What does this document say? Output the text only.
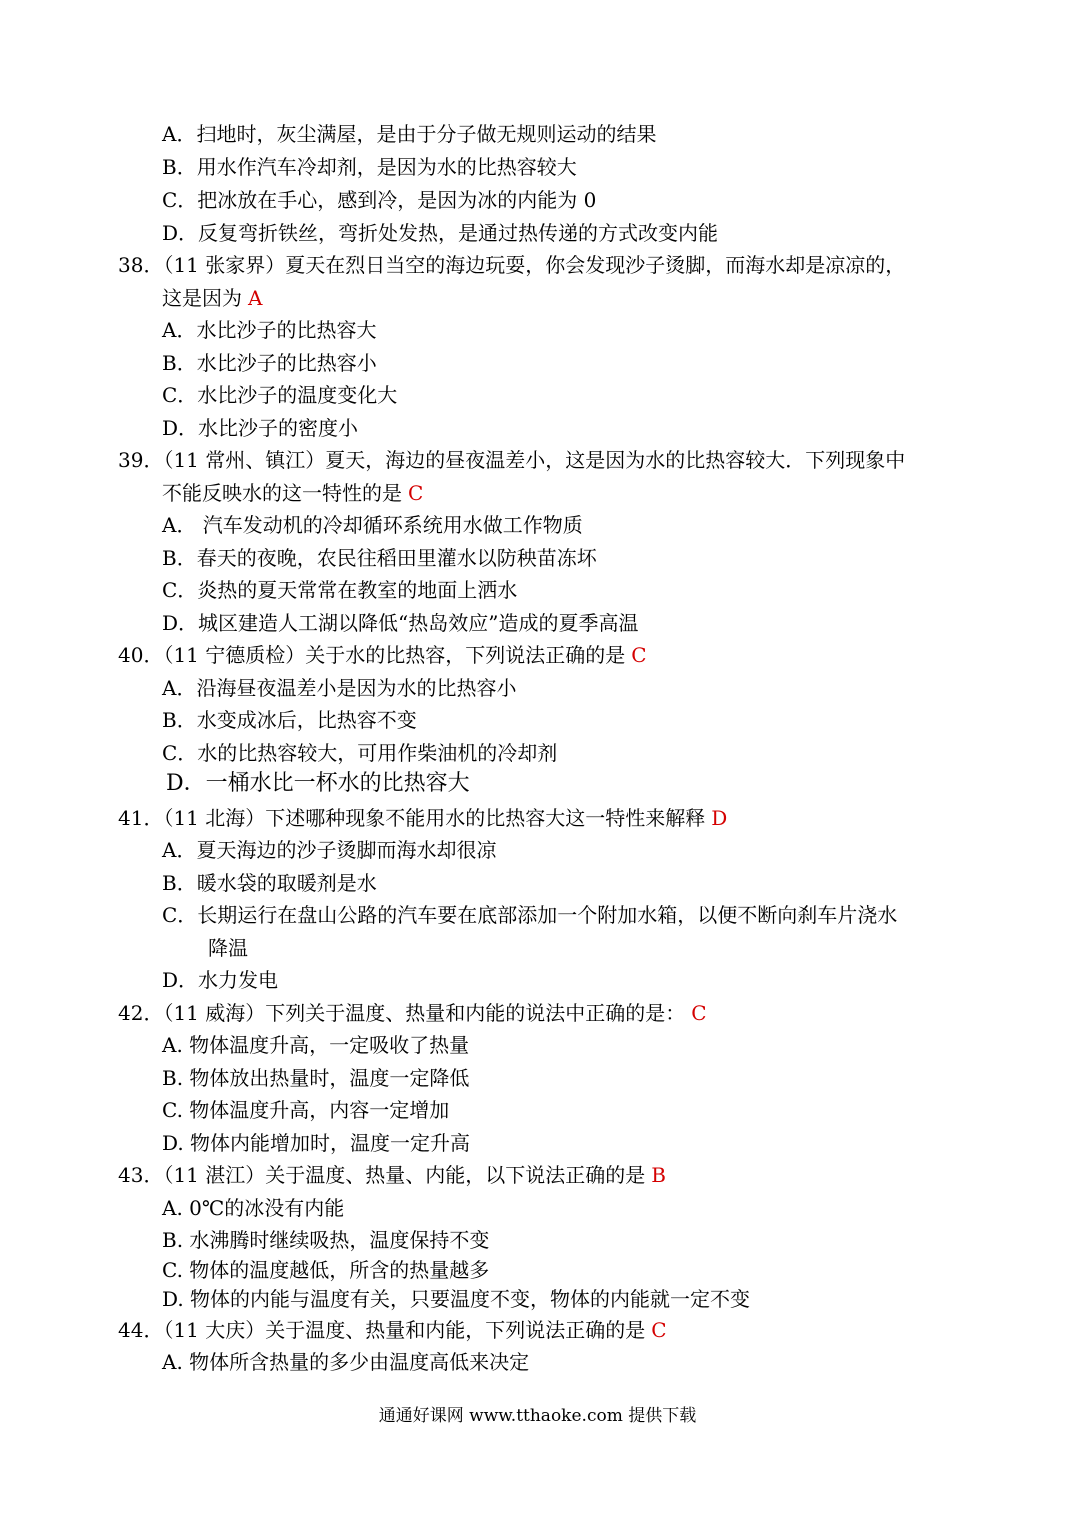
A．扫地时，灰尘满屋，是由于分子做无规则运动的结果
B．用水作汽车冷却剂，是因为水的比热容较大
C．把冰放在手心，感到冷，是因为冰的内能为 0
D．反复弯折铁丝，弯折处发热，是通过热传递的方式改变内能
38．（11 张家界）夏天在烈日当空的海边玩耍，你会发现沙子烫脚，而海水却是凉凉的，
这是因为 A
A．水比沙子的比热容大
B．水比沙子的比热容小
C．水比沙子的温度变化大
D．水比沙子的密度小
39．（11 常州、镇江）夏天，海边的昼夜温差小，这是因为水的比热容较大．下列现象中
不能反映水的这一特性的是 C
A． 汽车发动机的冷却循环系统用水做工作物质
B．春天的夜晚，农民往稻田里灌水以防秧苗冻坏
C．炎热的夏天常常在教室的地面上洒水
D．城区建造人工湖以降低“热岛效应”造成的夏季高温
40．（11 宁德质检）关于水的比热容，下列说法正确的是 C
A．沿海昼夜温差小是因为水的比热容小
B．水变成冰后，比热容不变
C．水的比热容较大，可用作柴油机的冷却剂
D．一桶水比一杯水的比热容大
41．（11 北海）下述哪种现象不能用水的比热容大这一特性来解释 D
A．夏天海边的沙子烫脚而海水却很凉
B．暖水袋的取暖剂是水
C．长期运行在盘山公路的汽车要在底部添加一个附加水箱，以便不断向刹车片浇水
降温
D．水力发电
42．（11 威海）下列关于温度、热量和内能的说法中正确的是： C
A. 物体温度升高，一定吸收了热量
B. 物体放出热量时，温度一定降低
C. 物体温度升高，内容一定增加
D. 物体内能增加时，温度一定升高
43．（11 湛江）关于温度、热量、内能，以下说法正确的是 B
A. 0℃的冰没有内能
B. 水沸腾时继续吸热，温度保持不变
C. 物体的温度越低，所含的热量越多
D. 物体的内能与温度有关，只要温度不变，物体的内能就一定不变
44．（11 大庆）关于温度、热量和内能，下列说法正确的是 C
A. 物体所含热量的多少由温度高低来决定
通通好课网 www.tthaoke.com 提供下载
